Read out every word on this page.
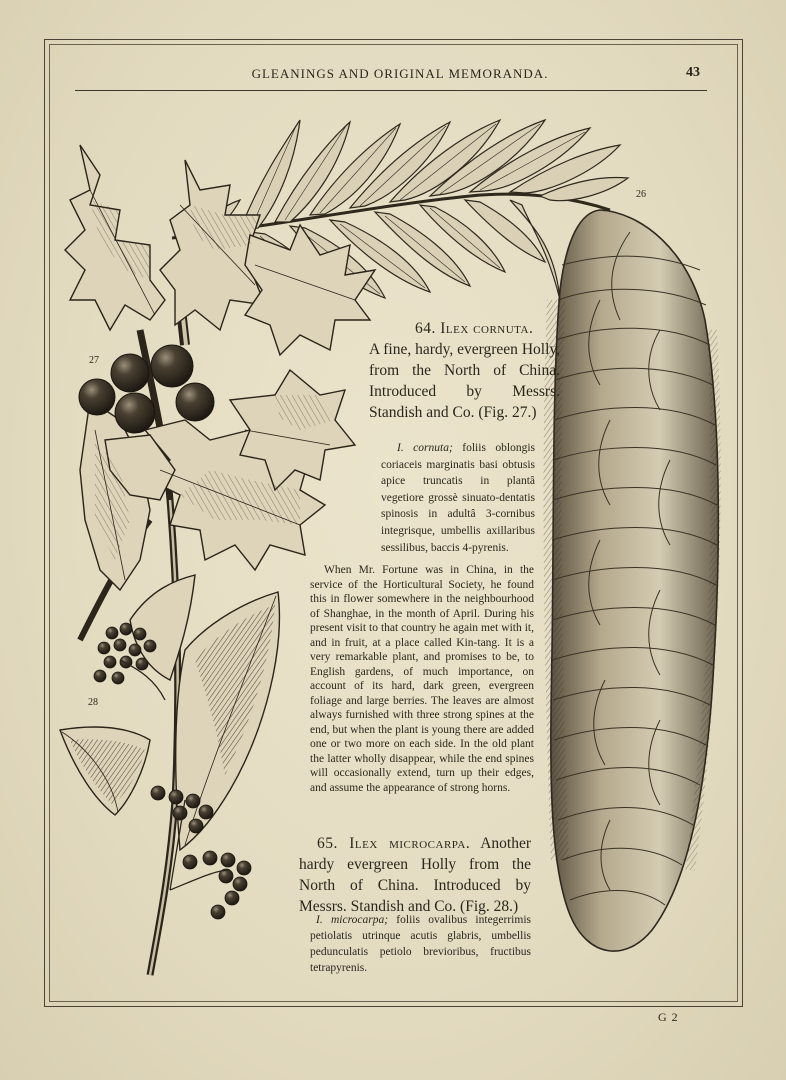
GLEANINGS AND ORIGINAL MEMORANDA.	43
26
27
28
64. Ilex cornuta.
A fine, hardy, evergreen Holly, from the North of China. Introduced by Messrs. Standish and Co. (Fig. 27.)
I. cornuta; foliis oblongis coriaceis marginatis basi obtusis apice truncatis in plantâ vegetiore grossè sinuato-dentatis spinosis in adultâ 3-cornibus integrisque, umbellis axillaribus sessilibus, baccis 4-pyrenis.
When Mr. Fortune was in China, in the service of the Horticultural Society, he found this in flower somewhere in the neighbourhood of Shanghae, in the month of April. During his present visit to that country he again met with it, and in fruit, at a place called Kin-tang. It is a very remarkable plant, and promises to be, to English gardens, of much importance, on account of its hard, dark green, evergreen foliage and large berries. The leaves are almost always furnished with three strong spines at the end, but when the plant is young there are added one or two more on each side. In the old plant the latter wholly disappear, while the end spines will occasionally extend, turn up their edges, and assume the appearance of strong horns.
65. Ilex microcarpa. Another hardy evergreen Holly from the North of China. Introduced by Messrs. Standish and Co. (Fig. 28.)
I. microcarpa; foliis ovalibus integerrimis petiolatis utrinque acutis glabris, umbellis pedunculatis petiolo brevioribus, fructibus tetrapyrenis.
G 2
